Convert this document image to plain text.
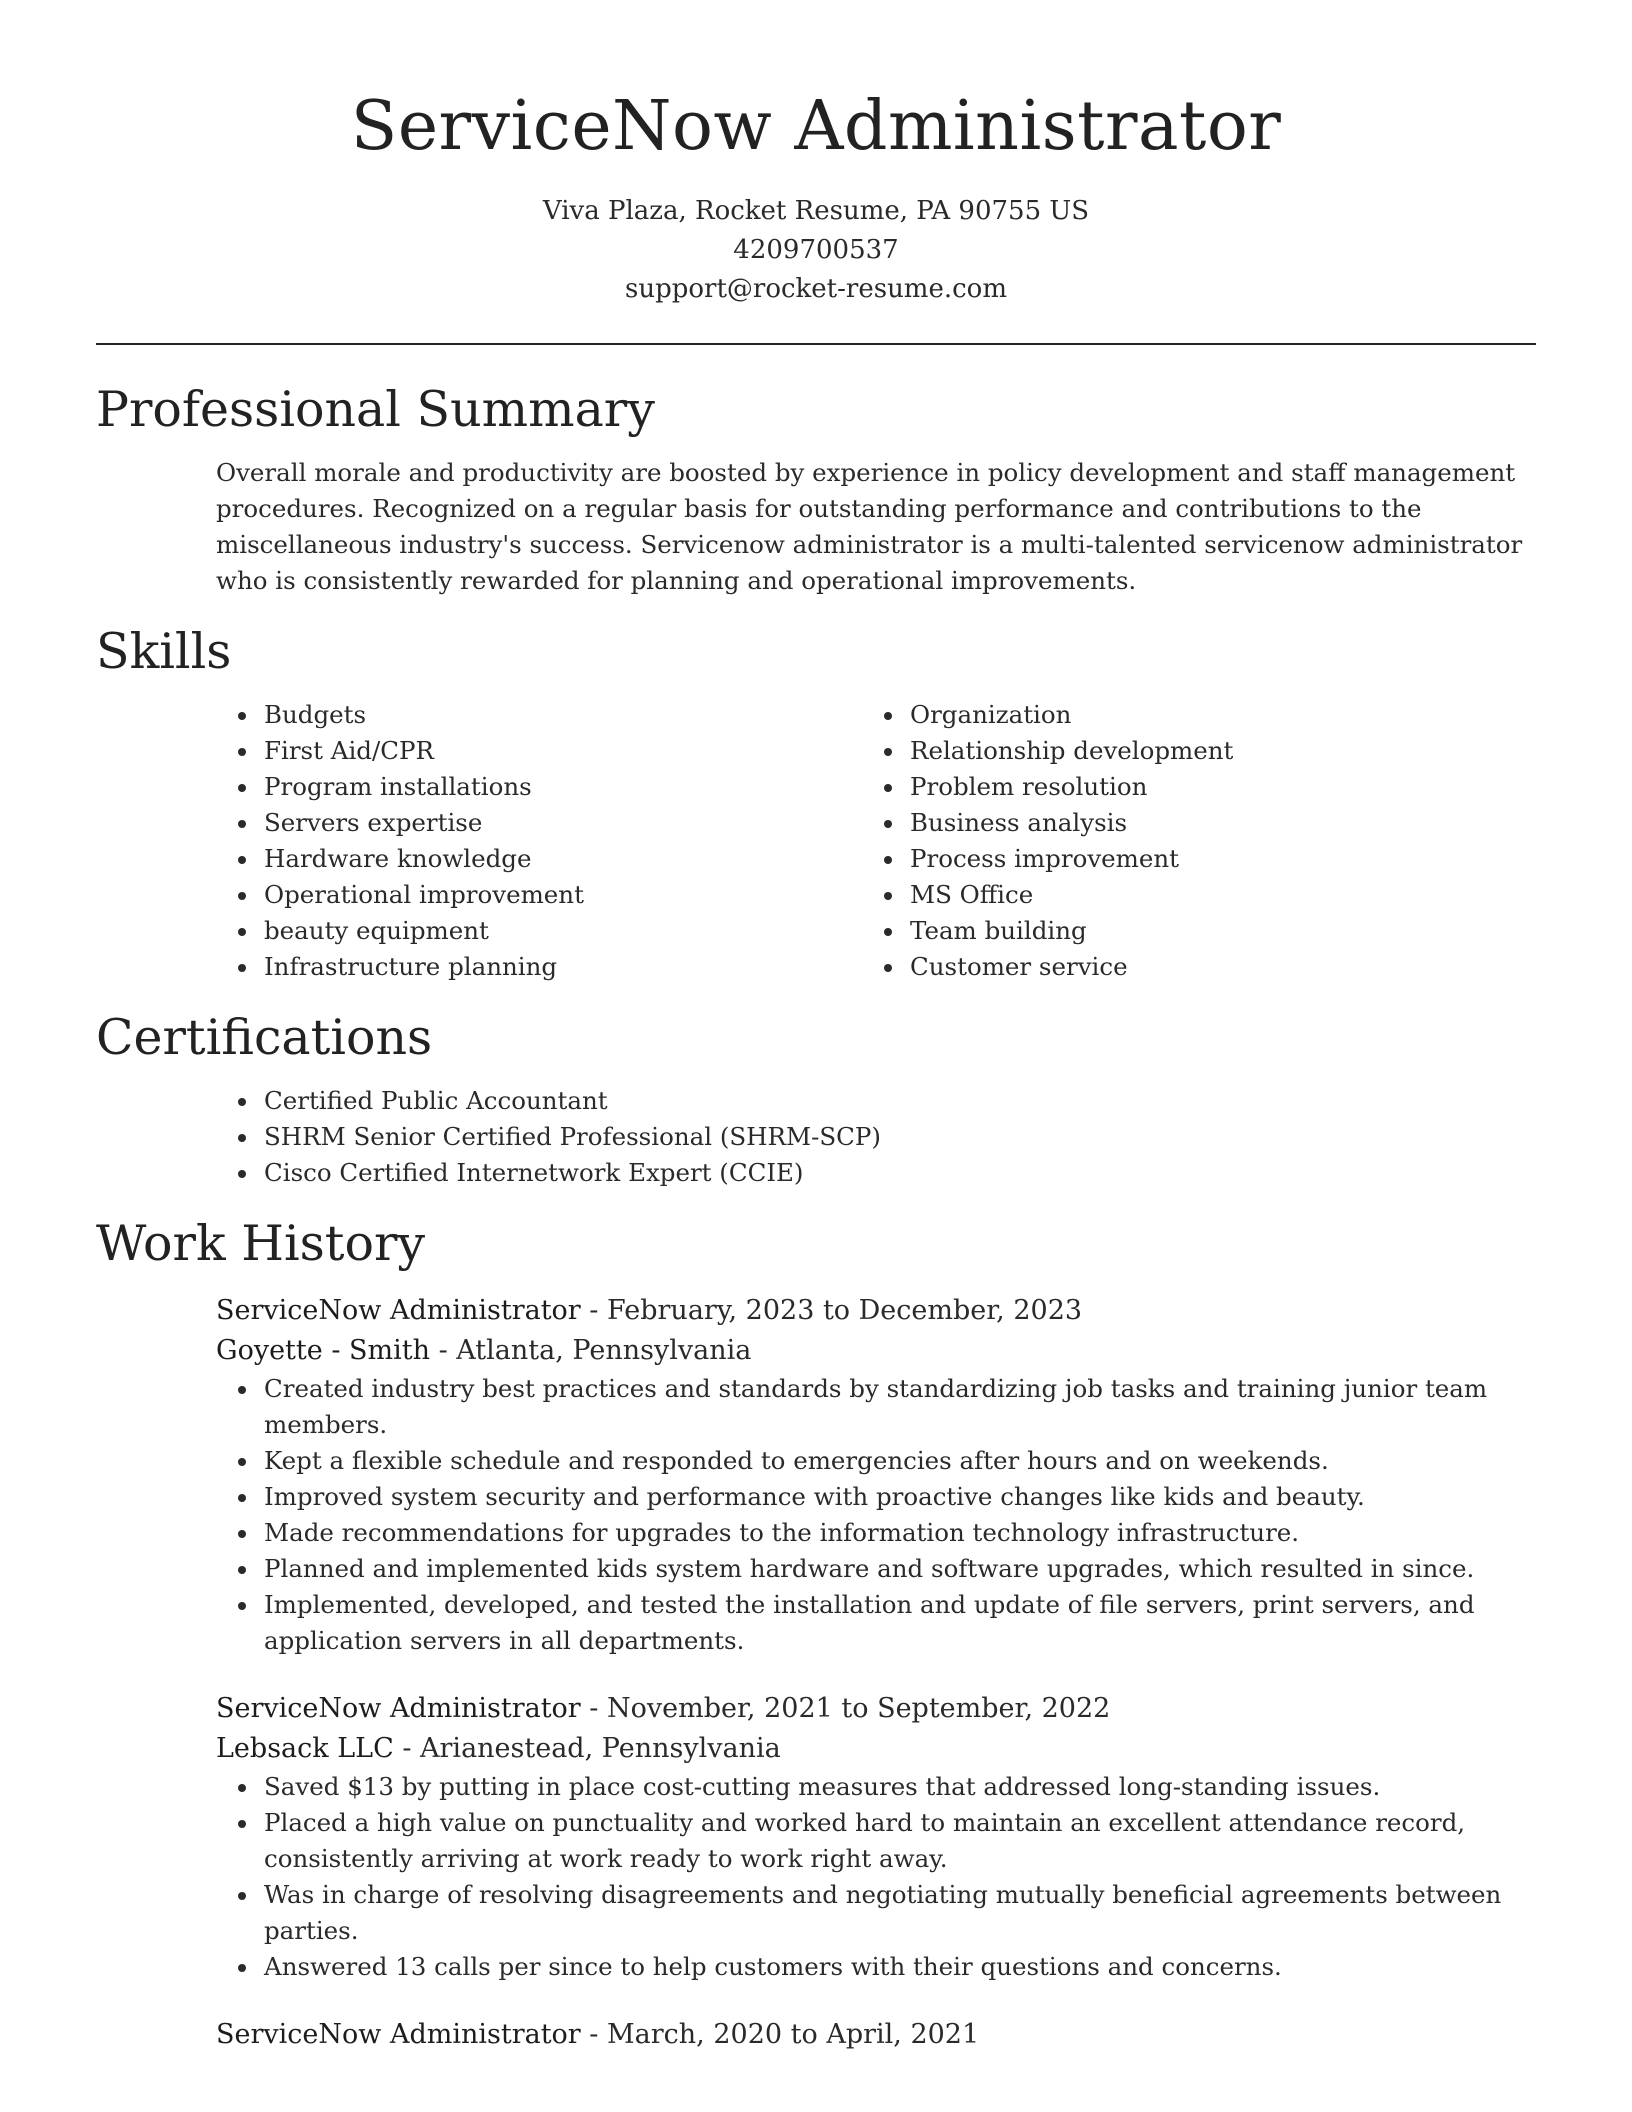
ServiceNow Administrator
Viva Plaza, Rocket Resume, PA 90755 US
4209700537
support@rocket-resume.com
Professional Summary

Overall morale and productivity are boosted by experience in policy development and staff management procedures. Recognized on a regular basis for outstanding performance and contributions to the miscellaneous industry's success. Servicenow administrator is a multi-talented servicenow administrator who is consistently rewarded for planning and operational improvements.

Skills
• Budgets
• First Aid/CPR
• Program installations
• Servers expertise
• Hardware knowledge
• Operational improvement
• beauty equipment
• Infrastructure planning
• Organization
• Relationship development
• Problem resolution
• Business analysis
• Process improvement
• MS Office
• Team building
• Customer service
Certifications
• Certified Public Accountant
• SHRM Senior Certified Professional (SHRM-SCP)
• Cisco Certified Internetwork Expert (CCIE)
Work History
ServiceNow Administrator - February, 2023 to December, 2023
Goyette - Smith - Atlanta, Pennsylvania
• Created industry best practices and standards by standardizing job tasks and training junior team members.
• Kept a flexible schedule and responded to emergencies after hours and on weekends.
• Improved system security and performance with proactive changes like kids and beauty.
• Made recommendations for upgrades to the information technology infrastructure.
• Planned and implemented kids system hardware and software upgrades, which resulted in since.
• Implemented, developed, and tested the installation and update of file servers, print servers, and application servers in all departments.
ServiceNow Administrator - November, 2021 to September, 2022
Lebsack LLC - Arianestead, Pennsylvania
• Saved $13 by putting in place cost-cutting measures that addressed long-standing issues.
• Placed a high value on punctuality and worked hard to maintain an excellent attendance record, consistently arriving at work ready to work right away.
• Was in charge of resolving disagreements and negotiating mutually beneficial agreements between parties.
• Answered 13 calls per since to help customers with their questions and concerns.
ServiceNow Administrator - March, 2020 to April, 2021
